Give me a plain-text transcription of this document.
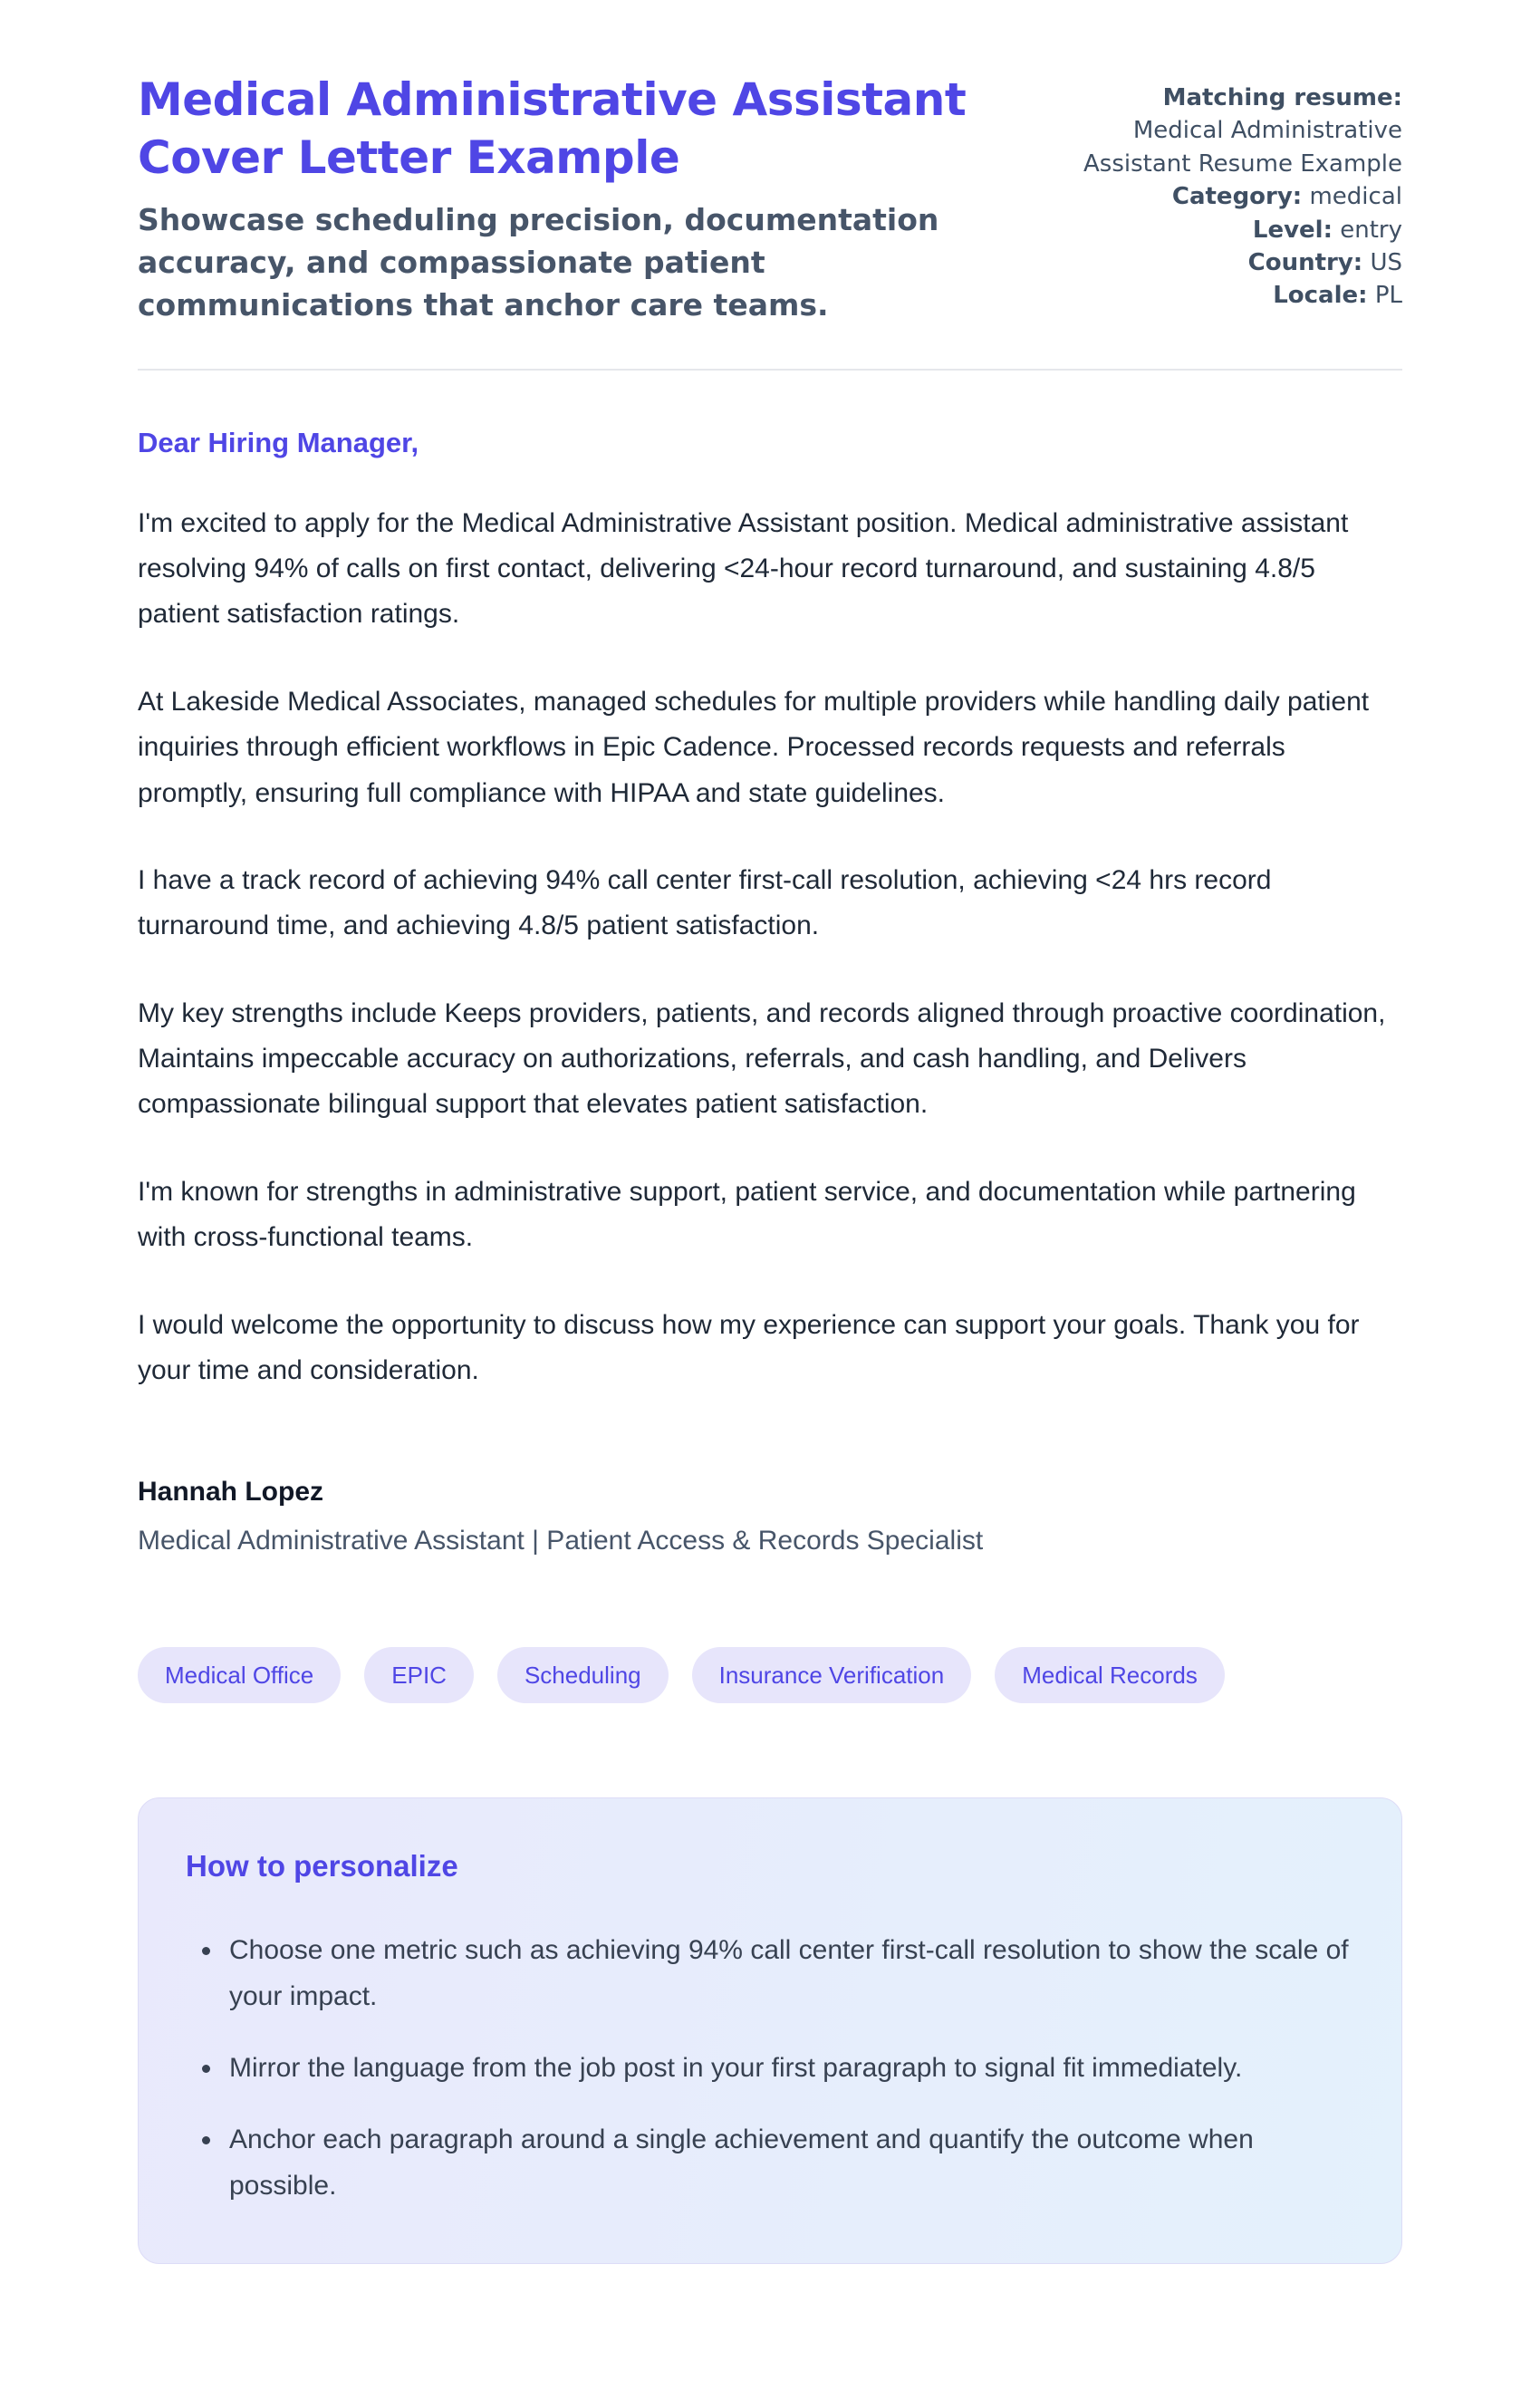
Medical Administrative Assistant Cover Letter Example
Showcase scheduling precision, documentation accuracy, and compassionate patient communications that anchor care teams.
Matching resume:
Medical Administrative Assistant Resume Example
Category: medical
Level: entry
Country: US
Locale: PL
Dear Hiring Manager,

I'm excited to apply for the Medical Administrative Assistant position. Medical administrative assistant resolving 94% of calls on first contact, delivering <24-hour record turnaround, and sustaining 4.8/5 patient satisfaction ratings.

At Lakeside Medical Associates, managed schedules for multiple providers while handling daily patient inquiries through efficient workflows in Epic Cadence. Processed records requests and referrals promptly, ensuring full compliance with HIPAA and state guidelines.

I have a track record of achieving 94% call center first-call resolution, achieving <24 hrs record turnaround time, and achieving 4.8/5 patient satisfaction.

My key strengths include Keeps providers, patients, and records aligned through proactive coordination, Maintains impeccable accuracy on authorizations, referrals, and cash handling, and Delivers compassionate bilingual support that elevates patient satisfaction.

I'm known for strengths in administrative support, patient service, and documentation while partnering with cross-functional teams.

I would welcome the opportunity to discuss how my experience can support your goals. Thank you for your time and consideration.

Hannah Lopez
Medical Administrative Assistant | Patient Access & Records Specialist
Medical Office	EPIC	Scheduling	Insurance Verification	Medical Records
How to personalize
• Choose one metric such as achieving 94% call center first-call resolution to show the scale of your impact.
• Mirror the language from the job post in your first paragraph to signal fit immediately.
• Anchor each paragraph around a single achievement and quantify the outcome when possible.
